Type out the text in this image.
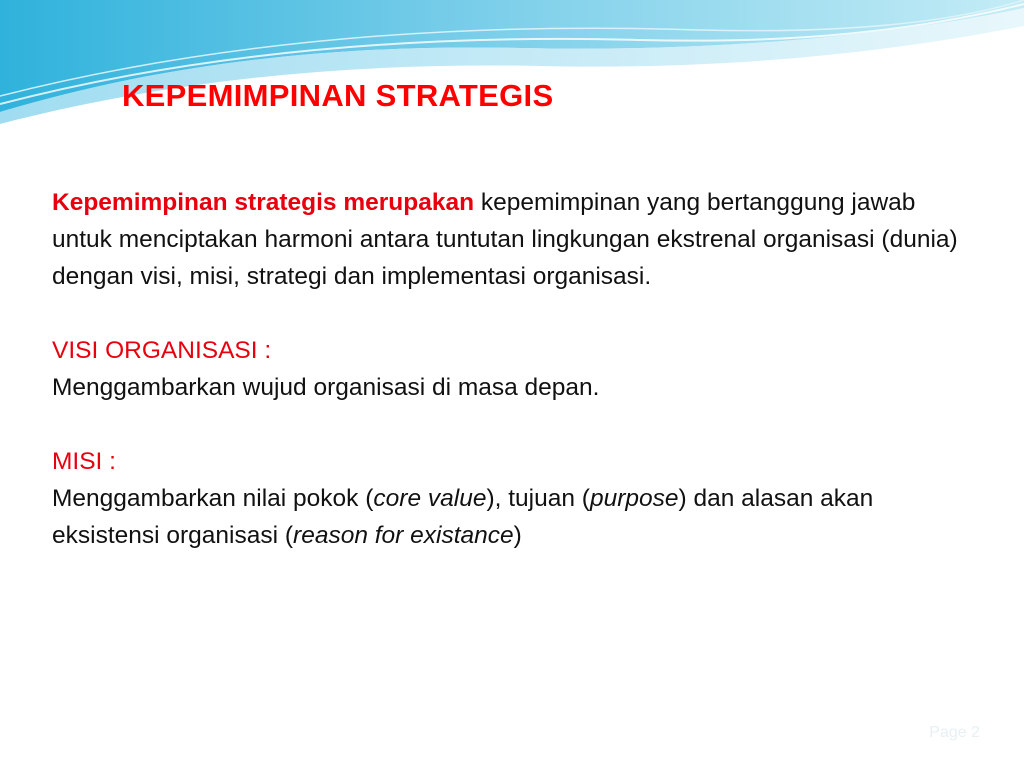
KEPEMIMPINAN STRATEGIS

Kepemimpinan strategis merupakan kepemimpinan yang bertanggung jawab untuk menciptakan harmoni antara tuntutan lingkungan ekstrenal organisasi (dunia) dengan visi, misi, strategi dan implementasi organisasi.

VISI ORGANISASI :

Menggambarkan wujud organisasi di masa depan.

MISI :

Menggambarkan nilai pokok (core value), tujuan (purpose) dan alasan akan eksistensi organisasi (reason for existance)

Page 2
